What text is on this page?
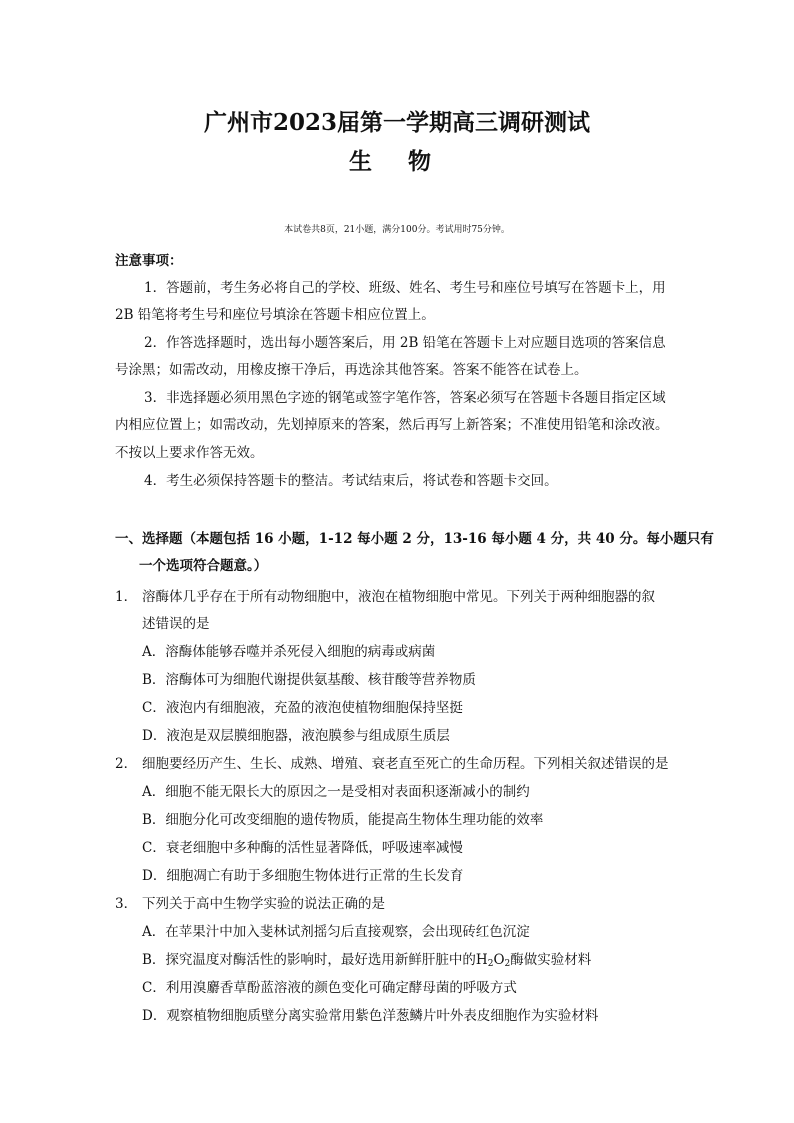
广州市2023届第一学期高三调研测试
生 物
本试卷共8页，21小题，满分100分。考试用时75分钟。
注意事项：
1．答题前，考生务必将自己的学校、班级、姓名、考生号和座位号填写在答题卡上，用
2B 铅笔将考生号和座位号填涂在答题卡相应位置上。
2．作答选择题时，选出每小题答案后，用 2B 铅笔在答题卡上对应题目选项的答案信息
号涂黑；如需改动，用橡皮擦干净后，再选涂其他答案。答案不能答在试卷上。
3．非选择题必须用黑色字迹的钢笔或签字笔作答，答案必须写在答题卡各题目指定区域
内相应位置上；如需改动，先划掉原来的答案，然后再写上新答案；不准使用铅笔和涂改液。
不按以上要求作答无效。
4．考生必须保持答题卡的整洁。考试结束后，将试卷和答题卡交回。
一、选择题（本题包括 16 小题，1-12 每小题 2 分，13-16 每小题 4 分，共 40 分。每小题只有
一个选项符合题意。）
1． 溶酶体几乎存在于所有动物细胞中，液泡在植物细胞中常见。下列关于两种细胞器的叙
述错误的是
A．溶酶体能够吞噬并杀死侵入细胞的病毒或病菌
B．溶酶体可为细胞代谢提供氨基酸、核苷酸等营养物质
C．液泡内有细胞液，充盈的液泡使植物细胞保持坚挺
D．液泡是双层膜细胞器，液泡膜参与组成原生质层
2． 细胞要经历产生、生长、成熟、增殖、衰老直至死亡的生命历程。下列相关叙述错误的是
A．细胞不能无限长大的原因之一是受相对表面积逐渐减小的制约
B．细胞分化可改变细胞的遗传物质，能提高生物体生理功能的效率
C．衰老细胞中多种酶的活性显著降低，呼吸速率减慢
D．细胞凋亡有助于多细胞生物体进行正常的生长发育
3． 下列关于高中生物学实验的说法正确的是
A．在苹果汁中加入斐林试剂摇匀后直接观察，会出现砖红色沉淀
B．探究温度对酶活性的影响时，最好选用新鲜肝脏中的$H_2O_2$酶做实验材料
C．利用溴麝香草酚蓝溶液的颜色变化可确定酵母菌的呼吸方式
D．观察植物细胞质壁分离实验常用紫色洋葱鳞片叶外表皮细胞作为实验材料
